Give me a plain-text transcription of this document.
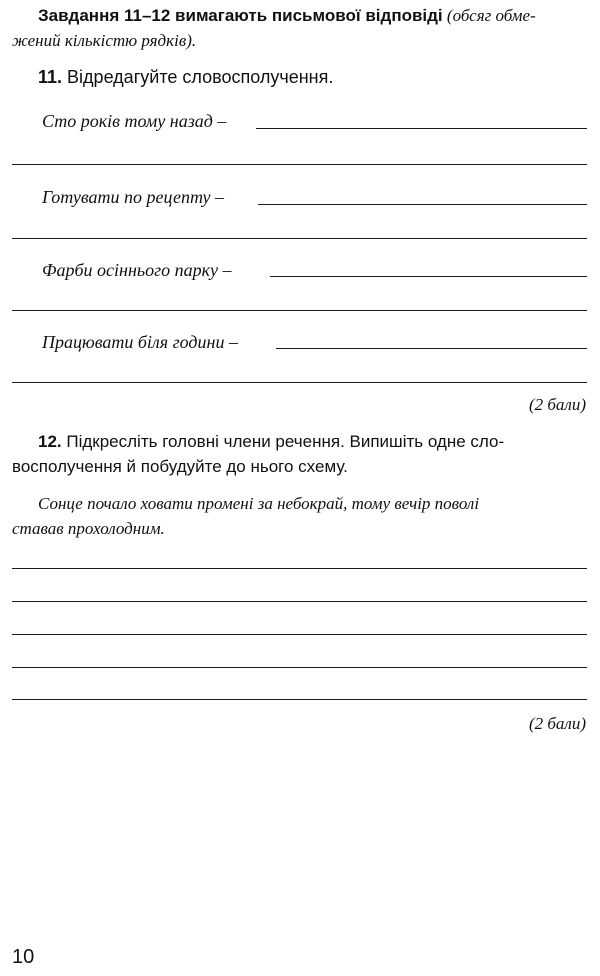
Завдання 11–12 вимагають письмової відповіді (обсяг обме-
жений кількістю рядків).
11. Відредагуйте словосполучення.
Сто років тому назад –
Готувати по рецепту –
Фарби осіннього парку –
Працювати біля години –
(2 бали)
12. Підкресліть головні члени речення. Випишіть одне сло-
восполучення й побудуйте до нього схему.
Сонце почало ховати промені за небокрай, тому вечір поволі
ставав прохолодним.
(2 бали)
10
